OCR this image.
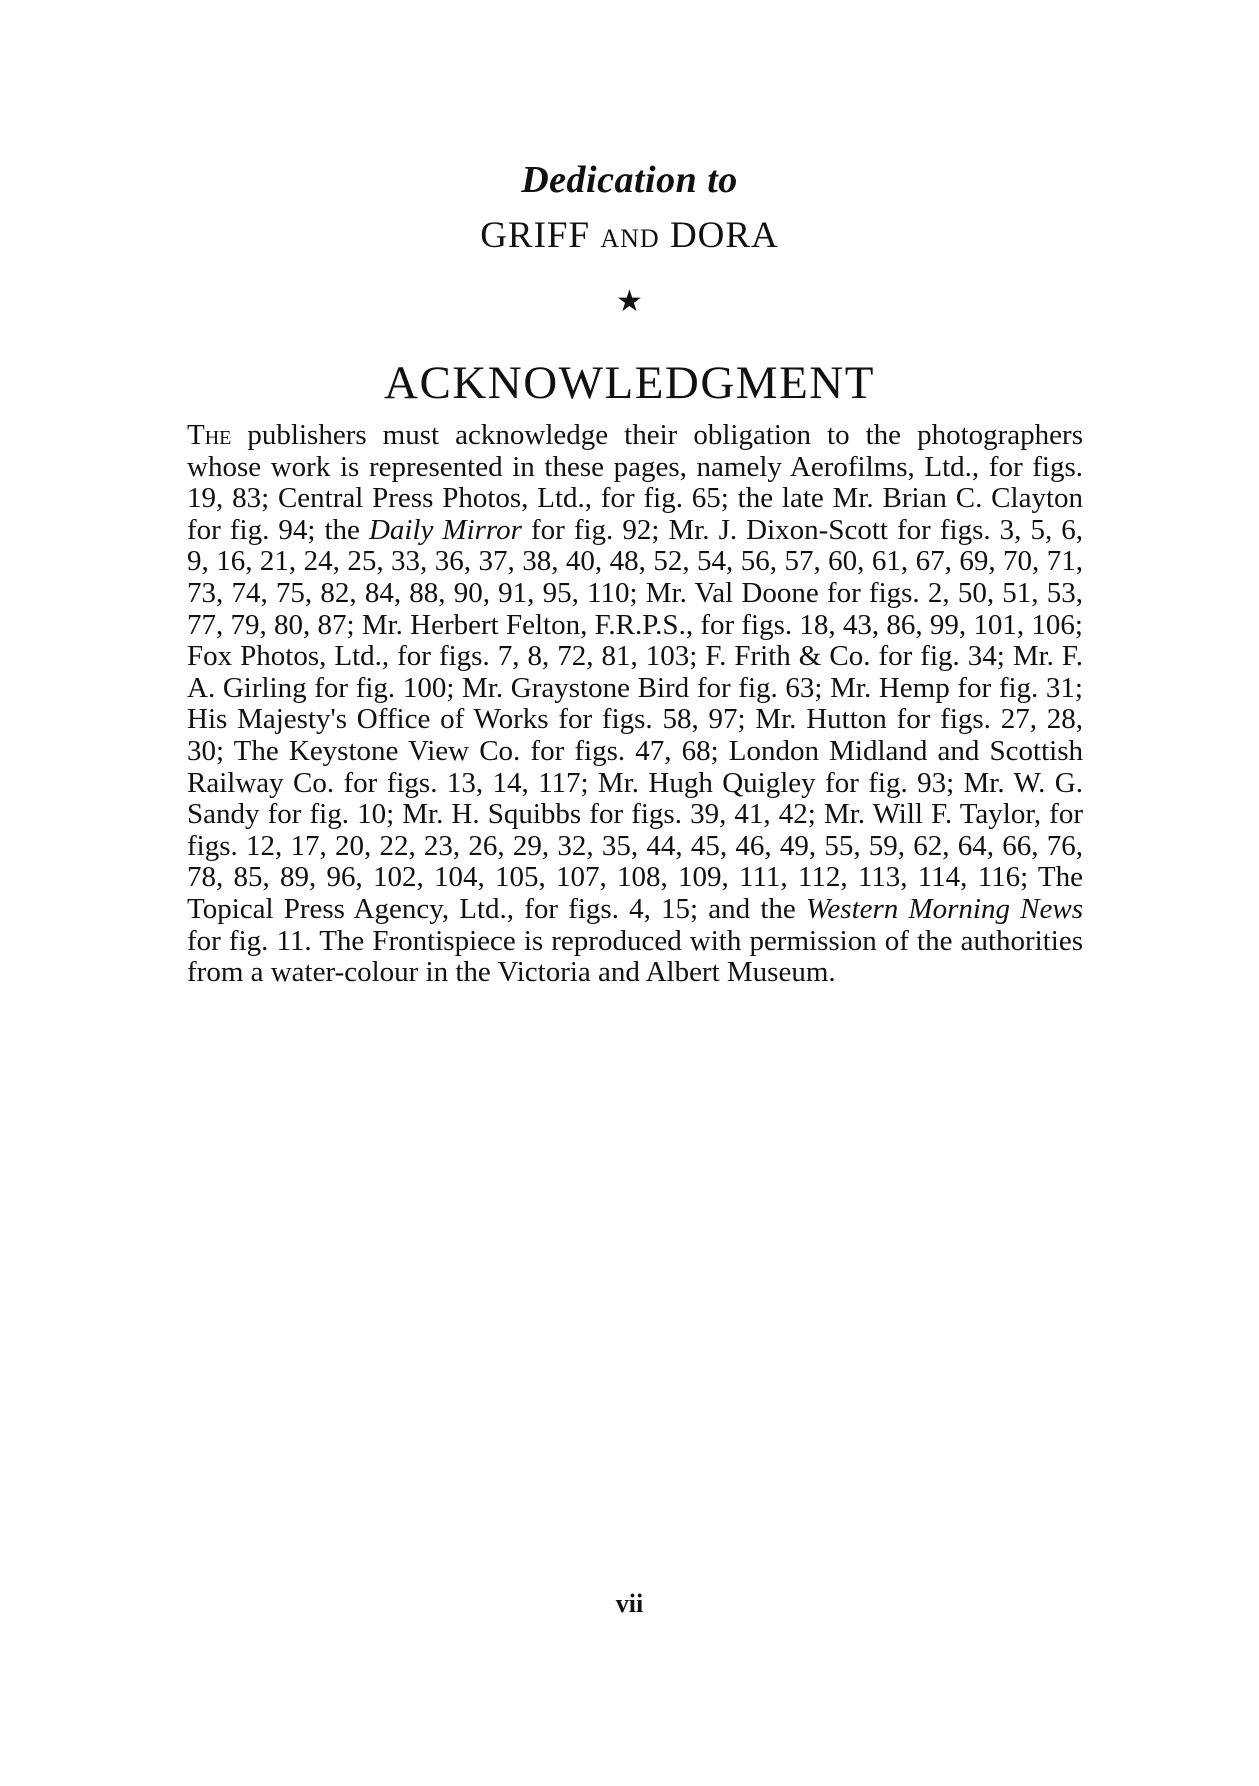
Dedication to
GRIFF AND DORA
★
ACKNOWLEDGMENT
The publishers must acknowledge their obligation to the photographers whose work is represented in these pages, namely Aerofilms, Ltd., for figs. 19, 83; Central Press Photos, Ltd., for fig. 65; the late Mr. Brian C. Clayton for fig. 94; the Daily Mirror for fig. 92; Mr. J. Dixon-Scott for figs. 3, 5, 6, 9, 16, 21, 24, 25, 33, 36, 37, 38, 40, 48, 52, 54, 56, 57, 60, 61, 67, 69, 70, 71, 73, 74, 75, 82, 84, 88, 90, 91, 95, 110; Mr. Val Doone for figs. 2, 50, 51, 53, 77, 79, 80, 87; Mr. Herbert Felton, F.R.P.S., for figs. 18, 43, 86, 99, 101, 106; Fox Photos, Ltd., for figs. 7, 8, 72, 81, 103; F. Frith & Co. for fig. 34; Mr. F. A. Girling for fig. 100; Mr. Graystone Bird for fig. 63; Mr. Hemp for fig. 31; His Majesty's Office of Works for figs. 58, 97; Mr. Hutton for figs. 27, 28, 30; The Keystone View Co. for figs. 47, 68; London Midland and Scottish Railway Co. for figs. 13, 14, 117; Mr. Hugh Quigley for fig. 93; Mr. W. G. Sandy for fig. 10; Mr. H. Squibbs for figs. 39, 41, 42; Mr. Will F. Taylor, for figs. 12, 17, 20, 22, 23, 26, 29, 32, 35, 44, 45, 46, 49, 55, 59, 62, 64, 66, 76, 78, 85, 89, 96, 102, 104, 105, 107, 108, 109, 111, 112, 113, 114, 116; The Topical Press Agency, Ltd., for figs. 4, 15; and the Western Morning News for fig. 11. The Frontispiece is reproduced with permission of the authorities from a water-colour in the Victoria and Albert Museum.
vii
